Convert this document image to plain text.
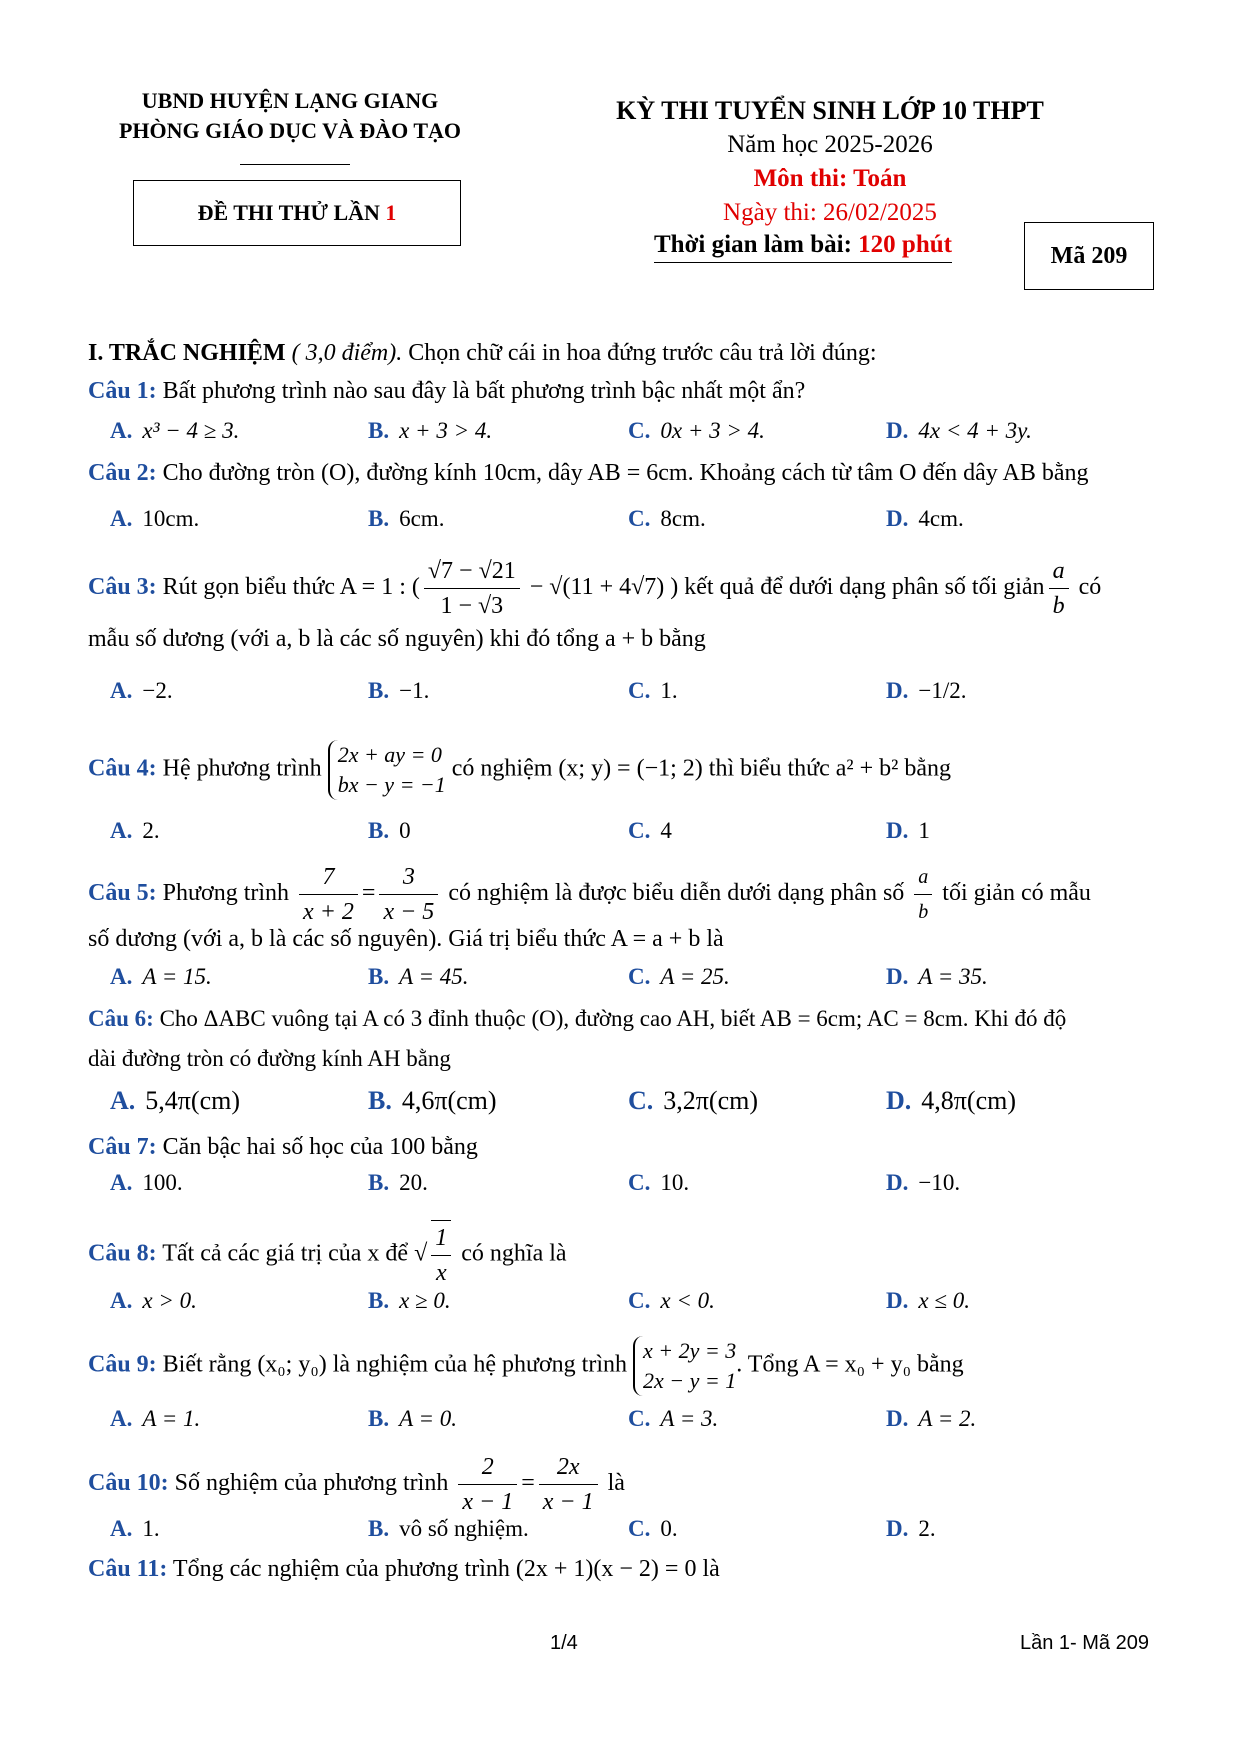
UBND HUYỆN LẠNG GIANG
PHÒNG GIÁO DỤC VÀ ĐÀO TẠO
ĐỀ THI THỬ LẦN 1
KỲ THI TUYỂN SINH LỚP 10 THPT
Năm học 2025-2026
Môn thi: Toán
Ngày thi: 26/02/2025
Thời gian làm bài: 120 phút	Mã 209
I. TRẮC NGHIỆM ( 3,0 điểm). Chọn chữ cái in hoa đứng trước câu trả lời đúng:
Câu 1: Bất phương trình nào sau đây là bất phương trình bậc nhất một ẩn?
A. x³ − 4 ≥ 3.	B. x + 3 > 4.	C. 0x + 3 > 4.	D. 4x < 4 + 3y.
Câu 2: Cho đường tròn (O), đường kính 10cm, dây AB = 6cm. Khoảng cách từ tâm O đến dây AB bằng
A. 10cm.	B. 6cm.	C. 8cm.	D. 4cm.
Câu 3: Rút gọn biểu thức A = 1 : ( $\frac{√7 - √21}{1 - √3} - √(11 + 4√7)$ ) kết quả để dưới dạng phân số tối giản $\frac{a}{b}$ có
mẫu số dương (với a, b là các số nguyên) khi đó tổng a + b bằng
A. −2.	B. −1.	C. 1.	D. −1/2.
Câu 4: Hệ phương trình
2x + ay = 0
bx − y = −1
có nghiệm (x; y) = (−1; 2) thì biểu thức a² + b² bằng
A. 2.	B. 0	C. 4	D. 1
Câu 5: Phương trình $\frac{7}{x + 2} = \frac{3}{x - 5}$ có nghiệm là được biểu diễn dưới dạng phân số $\frac{a}{b}$ tối giản có mẫu
số dương (với a, b là các số nguyên). Giá trị biểu thức A = a + b là
A. A = 15.	B. A = 45.	C. A = 25.	D. A = 35.
Câu 6: Cho ΔABC vuông tại A có 3 đỉnh thuộc (O), đường cao AH, biết AB = 6cm; AC = 8cm. Khi đó độ
dài đường tròn có đường kính AH bằng
A. 5,4π(cm)	B. 4,6π(cm)	C. 3,2π(cm)	D. 4,8π(cm)
Câu 7: Căn bậc hai số học của 100 bằng
A. 100.	B. 20.	C. 10.	D. −10.
Câu 8: Tất cả các giá trị của x để √ $\frac{1}{x}$ có nghĩa là
A. x > 0.	B. x ≥ 0.	C. x < 0.	D. x ≤ 0.
Câu 9: Biết rằng (x₀; y₀) là nghiệm của hệ phương trình
x + 2y = 3
2x − y = 1
. Tổng A = x₀ + y₀ bằng
A. A = 1.	B. A = 0.	C. A = 3.	D. A = 2.
Câu 10: Số nghiệm của phương trình $\frac{2}{x - 1} = \frac{2x}{x - 1}$ là
A. 1.	B. vô số nghiệm.	C. 0.	D. 2.
Câu 11: Tổng các nghiệm của phương trình (2x + 1)(x − 2) = 0 là
1/4	Lần 1- Mã 209
